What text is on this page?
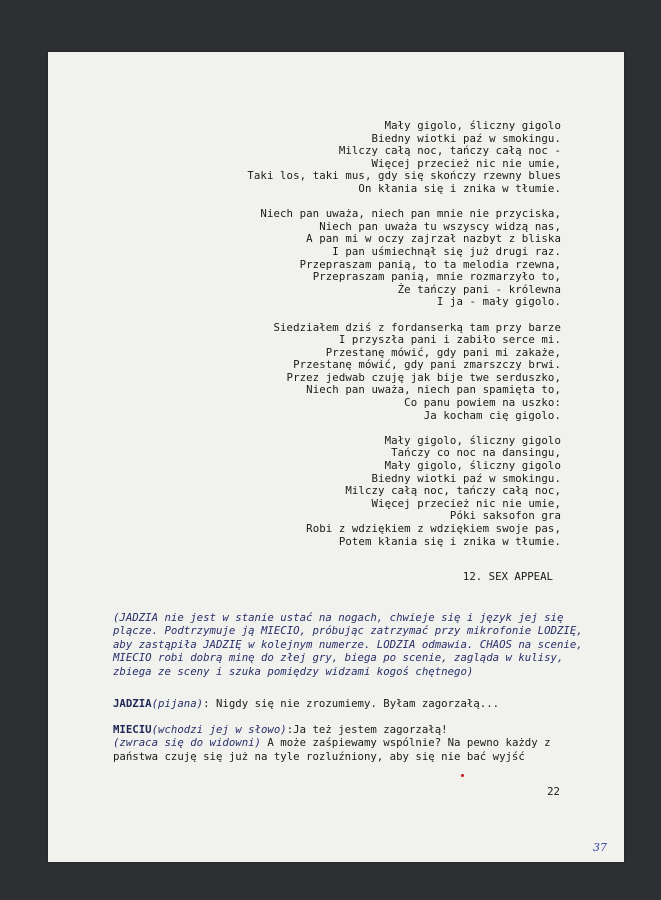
Mały gigolo, śliczny gigolo
Biedny wiotki paź w smokingu.
Milczy całą noc, tańczy całą noc -
Więcej przecież nic nie umie,
Taki los, taki mus, gdy się skończy rzewny blues
On kłania się i znika w tłumie.
Niech pan uważa, niech pan mnie nie przyciska,
Niech pan uważa tu wszyscy widzą nas,
A pan mi w oczy zajrzał nazbyt z bliska
I pan uśmiechnął się już drugi raz.
Przepraszam panią, to ta melodia rzewna,
Przepraszam panią, mnie rozmarzyło to,
Że tańczy pani - królewna
I ja - mały gigolo.
Siedziałem dziś z fordanserką tam przy barze
I przyszła pani i zabiło serce mi.
Przestanę mówić, gdy pani mi zakaże,
Przestanę mówić, gdy pani zmarszczy brwi.
Przez jedwab czuję jak bije twe serduszko,
Niech pan uważa, niech pan spamięta to,
Co panu powiem na uszko:
Ja kocham cię gigolo.
Mały gigolo, śliczny gigolo
Tańczy co noc na dansingu,
Mały gigolo, śliczny gigolo
Biedny wiotki paź w smokingu.
Milczy całą noc, tańczy całą noc,
Więcej przecież nic nie umie,
Póki saksofon gra
Robi z wdziękiem z wdziękiem swoje pas,
Potem kłania się i znika w tłumie.
12. SEX APPEAL
(JADZIA nie jest w stanie ustać na nogach, chwieje się i język jej się plącze. Podtrzymuje ją MIECIO, próbując zatrzymać przy mikrofonie LODZIĘ, aby zastąpiła JADZIĘ w kolejnym numerze. LODZIA odmawia. CHAOS na scenie, MIECIO robi dobrą minę do złej gry, biega po scenie, zagląda w kulisy, zbiega ze sceny i szuka pomiędzy widzami kogoś chętnego)
JADZIA(pijana): Nigdy się nie zrozumiemy. Byłam zagorzałą...
MIECIU(wchodzi jej w słowo):Ja też jestem zagorzałą!
(zwraca się do widowni) A może zaśpiewamy wspólnie? Na pewno każdy z państwa czuję się już na tyle rozluźniony, aby się nie bać wyjść
22
37
